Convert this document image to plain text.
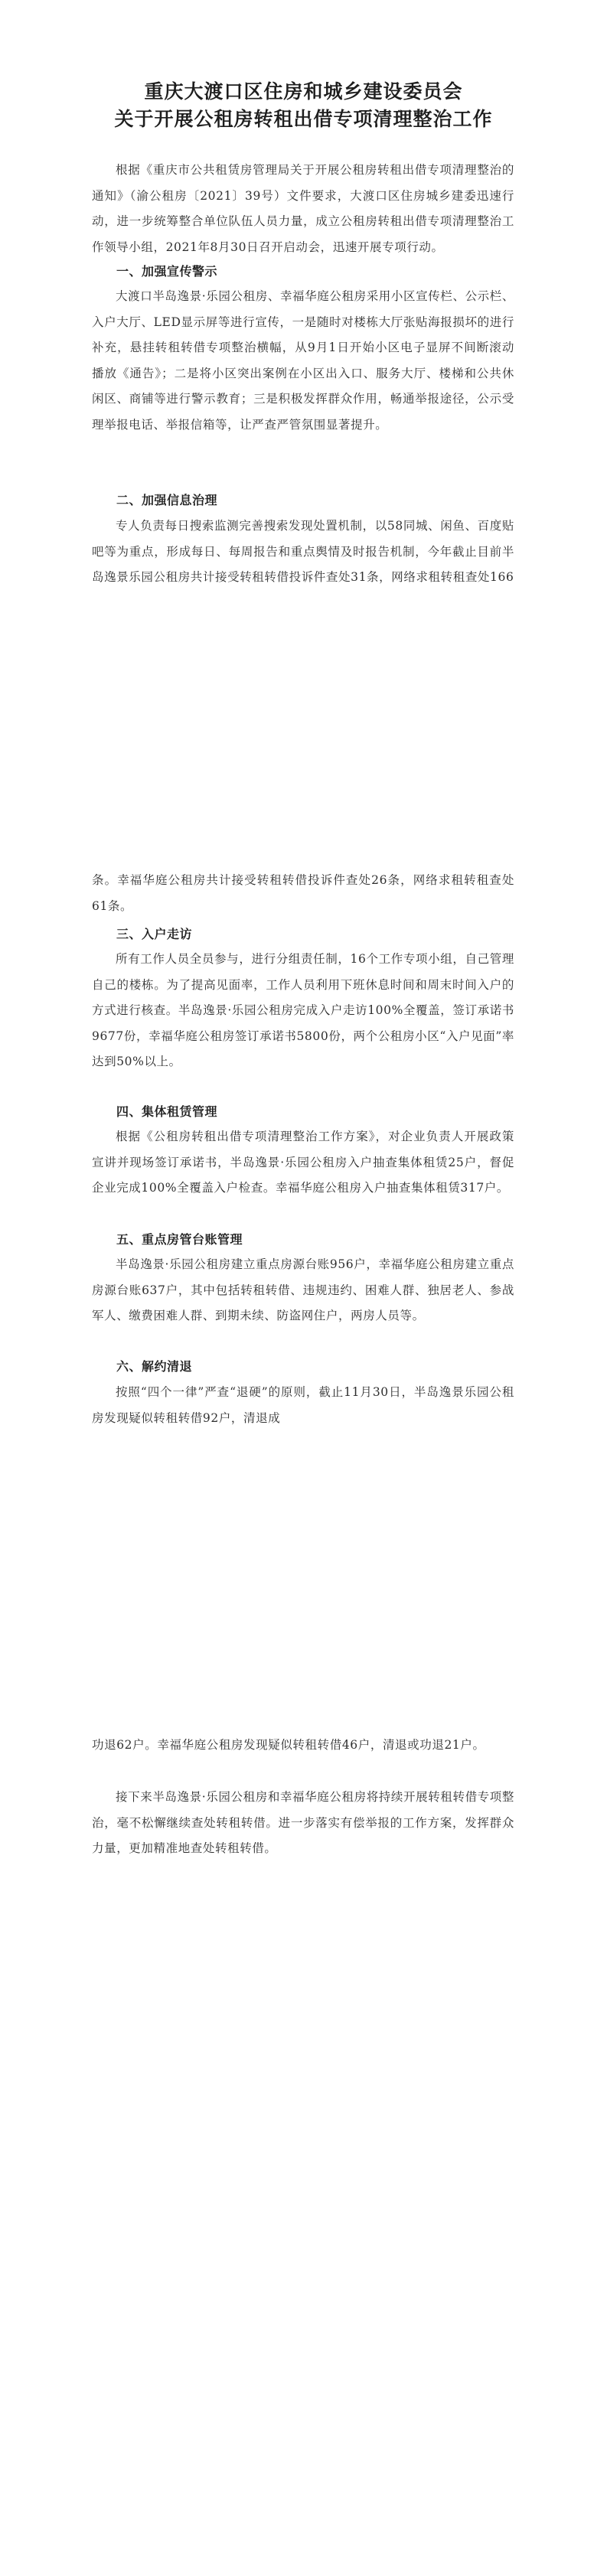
重庆大渡口区住房和城乡建设委员会
关于开展公租房转租出借专项清理整治工作
根据《重庆市公共租赁房管理局关于开展公租房转租出借专项清理整治的通知》（渝公租房〔2021〕39号）文件要求，大渡口区住房城乡建委迅速行动，进一步统筹整合单位队伍人员力量，成立公租房转租出借专项清理整治工作领导小组，2021年8月30日召开启动会，迅速开展专项行动。
一、加强宣传警示
大渡口半岛逸景·乐园公租房、幸福华庭公租房采用小区宣传栏、公示栏、入户大厅、LED显示屏等进行宣传，一是随时对楼栋大厅张贴海报损坏的进行补充，悬挂转租转借专项整治横幅，从9月1日开始小区电子显屏不间断滚动播放《通告》；二是将小区突出案例在小区出入口、服务大厅、楼梯和公共休闲区、商铺等进行警示教育；三是积极发挥群众作用，畅通举报途径，公示受理举报电话、举报信箱等，让严查严管氛围显著提升。
二、加强信息治理
专人负责每日搜索监测完善搜索发现处置机制，以58同城、闲鱼、百度贴吧等为重点，形成每日、每周报告和重点舆情及时报告机制，今年截止目前半岛逸景乐园公租房共计接受转租转借投诉件查处31条，网络求租转租查处166
条。幸福华庭公租房共计接受转租转借投诉件查处26条，网络求租转租查处61条。
三、入户走访
所有工作人员全员参与，进行分组责任制，16个工作专项小组，自己管理自己的楼栋。为了提高见面率，工作人员利用下班休息时间和周末时间入户的方式进行核查。半岛逸景·乐园公租房完成入户走访100%全覆盖，签订承诺书9677份，幸福华庭公租房签订承诺书5800份，两个公租房小区“入户见面”率达到50%以上。
四、集体租赁管理
根据《公租房转租出借专项清理整治工作方案》，对企业负责人开展政策宣讲并现场签订承诺书，半岛逸景·乐园公租房入户抽查集体租赁25户，督促企业完成100%全覆盖入户检查。幸福华庭公租房入户抽查集体租赁317户。
五、重点房管台账管理
半岛逸景·乐园公租房建立重点房源台账956户，幸福华庭公租房建立重点房源台账637户，其中包括转租转借、违规违约、困难人群、独居老人、参战军人、缴费困难人群、到期未续、防盗网住户，两房人员等。
六、解约清退
按照“四个一律”严查“退硬”的原则，截止11月30日，半岛逸景乐园公租房发现疑似转租转借92户，清退成
功退62户。幸福华庭公租房发现疑似转租转借46户，清退或功退21户。
接下来半岛逸景·乐园公租房和幸福华庭公租房将持续开展转租转借专项整治，毫不松懈继续查处转租转借。进一步落实有偿举报的工作方案，发挥群众力量，更加精准地查处转租转借。
